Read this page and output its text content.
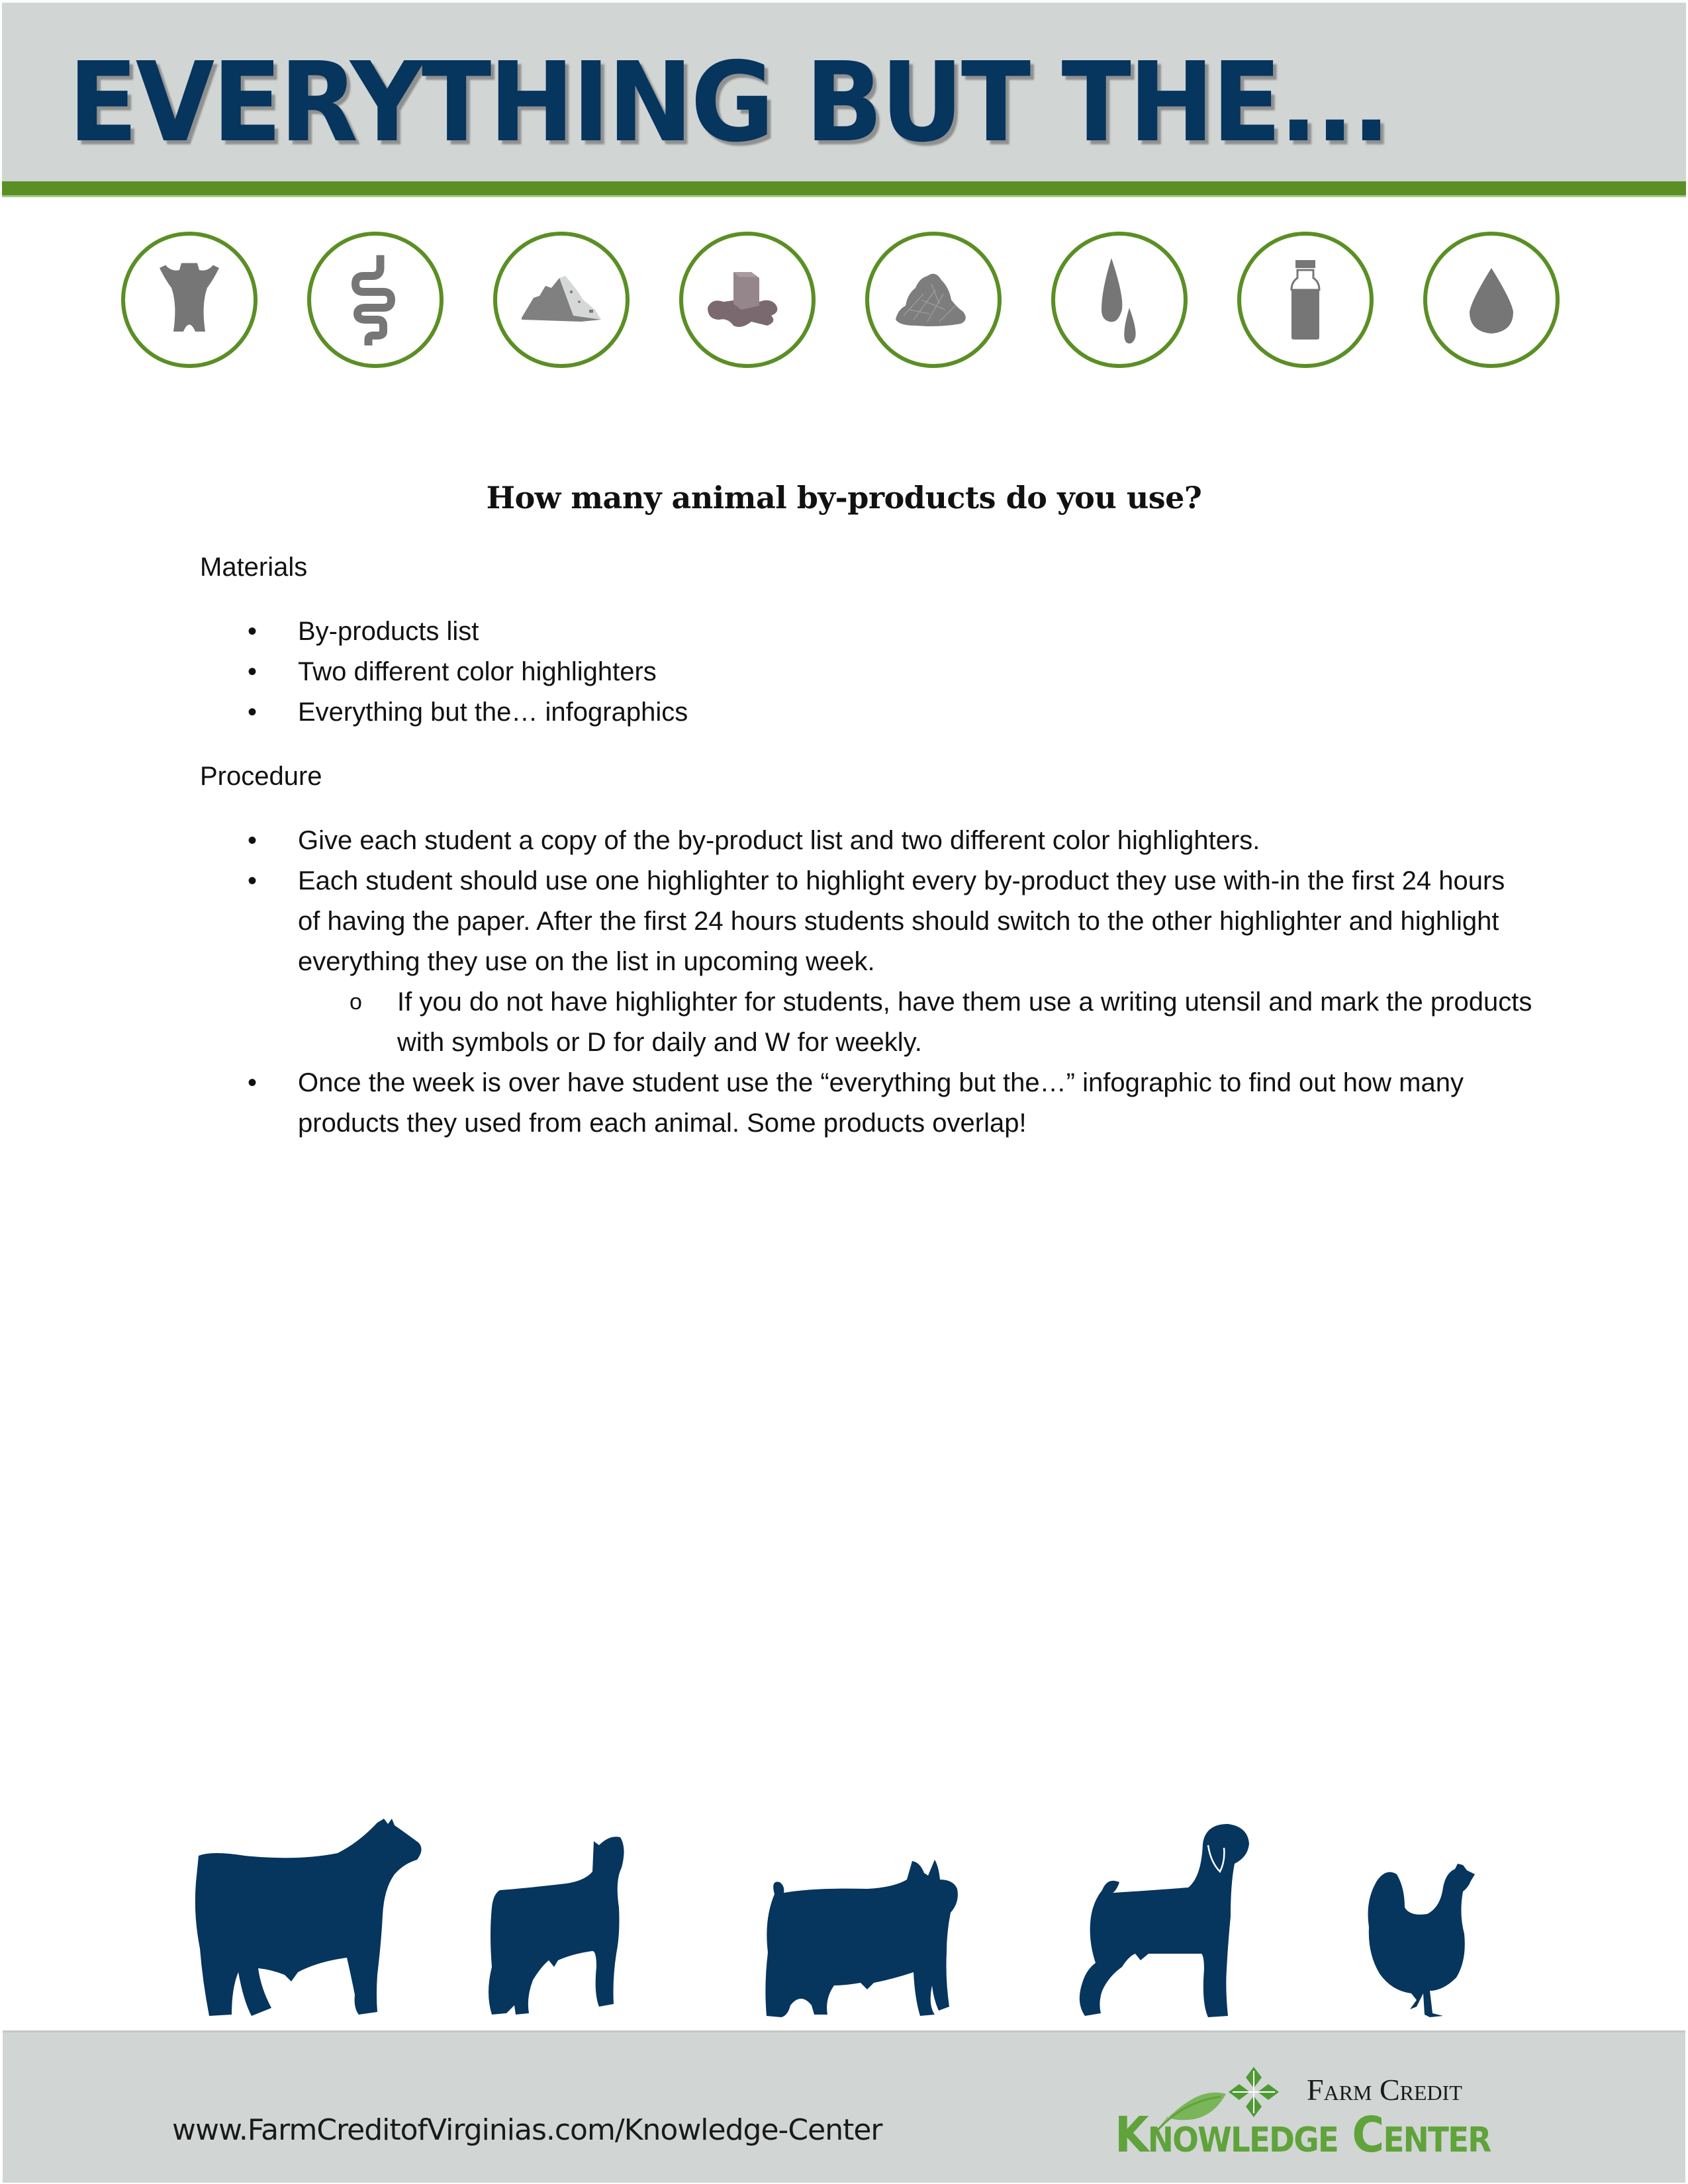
EVERYTHING BUT THE...
How many animal by-products do you use?

Materials

• By-products list
• Two different color highlighters
• Everything but the… infographics

Procedure

• Give each student a copy of the by-product list and two different color highlighters.
• Each student should use one highlighter to highlight every by-product they use with-in the first 24 hours of having the paper. After the first 24 hours students should switch to the other highlighter and highlight everything they use on the list in upcoming week.
o If you do not have highlighter for students, have them use a writing utensil and mark the products with symbols or D for daily and W for weekly.
• Once the week is over have student use the “everything but the…” infographic to find out how many products they used from each animal. Some products overlap!

www.FarmCreditofVirginias.com/Knowledge-Center

Farm Credit
Knowledge Center
